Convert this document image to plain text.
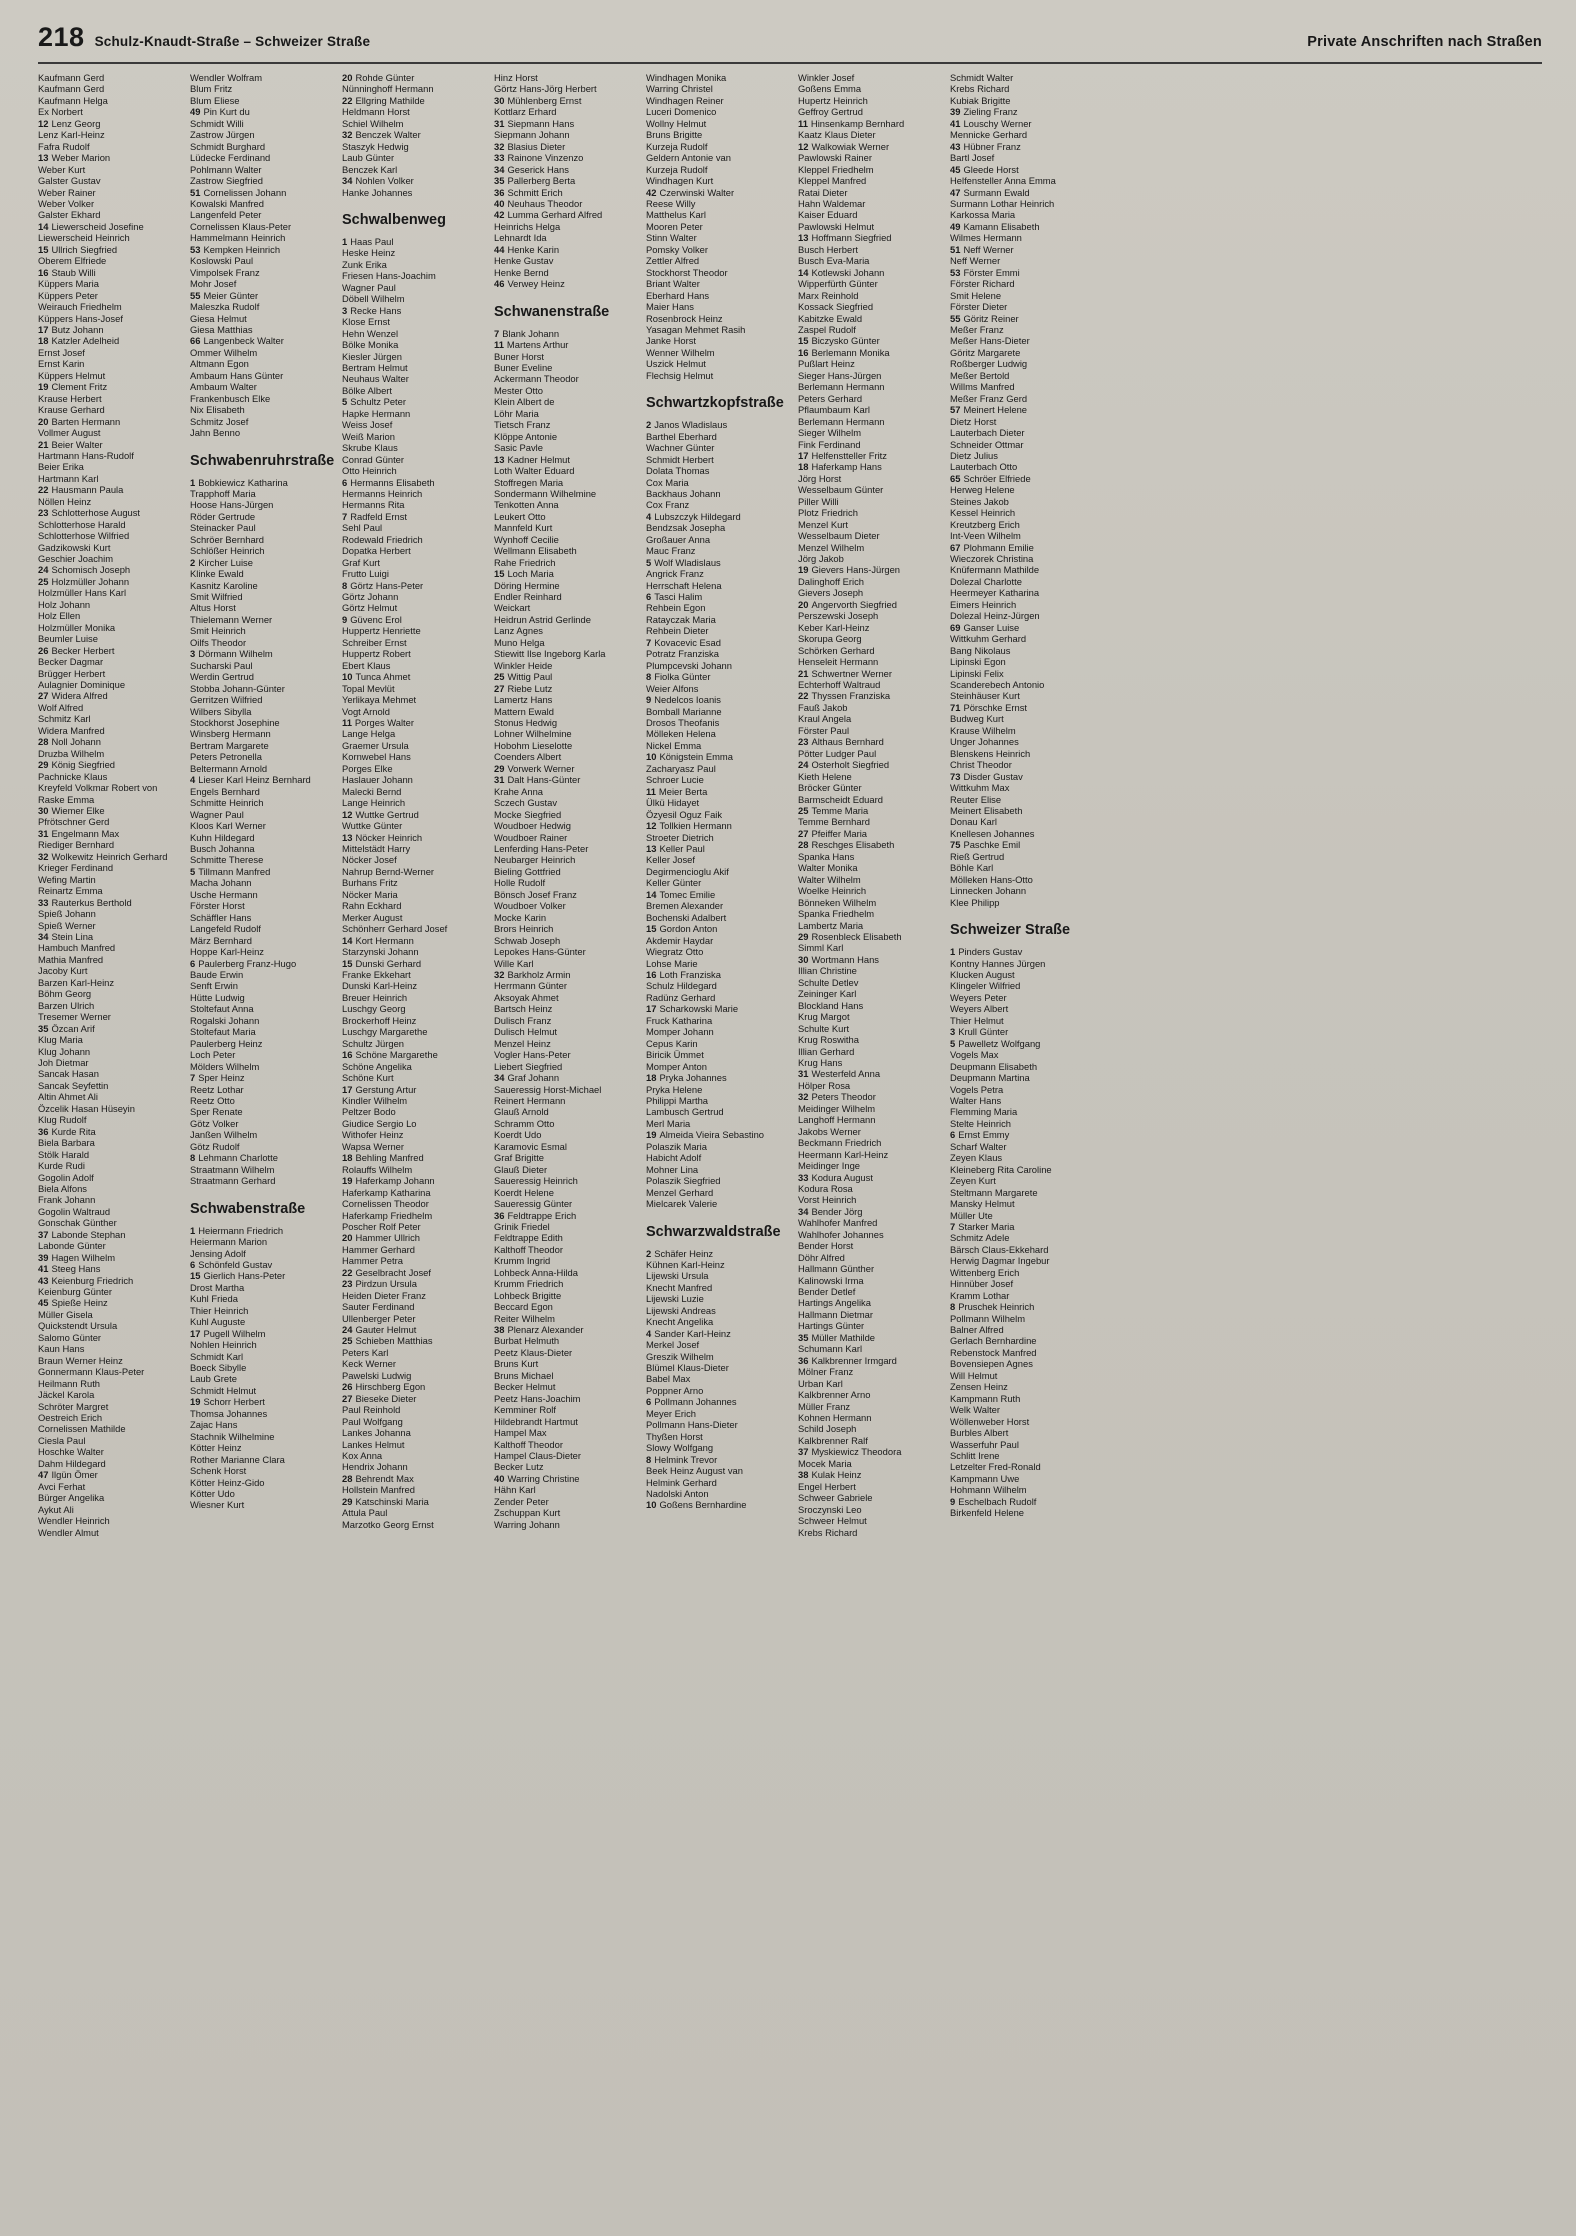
218 Schulz-Knaudt-Straße – Schweizer Straße	Private Anschriften nach Straßen
Kaufmann Gerd
Kaufmann Gerd
Kaufmann Helga
Ex Norbert
12 Lenz Georg
Lenz Karl-Heinz
Fafra Rudolf
13 Weber Marion
Weber Kurt
Galster Gustav
Weber Rainer
Weber Volker
Galster Ekhard
14 Liewerscheid Josefine
Liewerscheid Heinrich
15 Ullrich Siegfried
Oberem Elfriede
16 Staub Willi
Küppers Maria
Küppers Peter
Weirauch Friedhelm
Küppers Hans-Josef
17 Butz Johann
18 Katzler Adelheid
Ernst Josef
Ernst Karin
Küppers Helmut
19 Clement Fritz
Krause Herbert
Krause Gerhard
20 Barten Hermann
Vollmer August
21 Beier Walter
Hartmann Hans-Rudolf
Beier Erika
Hartmann Karl
22 Hausmann Paula
Nöllen Heinz
23 Schlotterhose August
Schlotterhose Harald
Schlotterhose Wilfried
Gadzikowski Kurt
Geschier Joachim
24 Schomisch Joseph
25 Holzmüller Johann
Holzmüller Hans Karl
Holz Johann
Holz Ellen
Holzmüller Monika
Beumler Luise
26 Becker Herbert
Becker Dagmar
Brügger Herbert
Aulagnier Dominique
27 Widera Alfred
Wolf Alfred
Schmitz Karl
Widera Manfred
28 Noll Johann
Druzba Wilhelm
29 König Siegfried
Pachnicke Klaus
Kreyfeld Volkmar Robert von
Raske Emma
30 Wiemer Elke
Pfrötschner Gerd
31 Engelmann Max
Riediger Bernhard
32 Wolkewitz Heinrich Gerhard
Krieger Ferdinand
Wefing Martin
Reinartz Emma
33 Rauterkus Berthold
Spieß Johann
Spieß Werner
34 Stein Lina
Hambuch Manfred
Mathia Manfred
Jacoby Kurt
Barzen Karl-Heinz
Böhm Georg
Barzen Ulrich
Tresemer Werner
35 Özcan Arif
Klug Maria
Klug Johann
Joh Dietmar
Sancak Hasan
Sancak Seyfettin
Altin Ahmet Ali
Özcelik Hasan Hüseyin
Klug Rudolf
36 Kurde Rita
Biela Barbara
Stölk Harald
Kurde Rudi
Gogolin Adolf
Biela Alfons
Frank Johann
Gogolin Waltraud
Gonschak Günther
37 Labonde Stephan
Labonde Günter
39 Hagen Wilhelm
41 Steeg Hans
43 Keienburg Friedrich
Keienburg Günter
45 Spieße Heinz
Müller Gisela
Quickstendt Ursula
Salomo Günter
Kaun Hans
Braun Werner Heinz
Gonnermann Klaus-Peter
Heilmann Ruth
Jäckel Karola
Schröter Margret
Oestreich Erich
Cornelissen Mathilde
Ciesla Paul
Hoschke Walter
Dahm Hildegard
47 Ilgün Ömer
Avci Ferhat
Bürger Angelika
Aykut Ali
Wendler Heinrich
Wendler Almut
Wendler Wolfram
Blum Fritz
Blum Eliese
49 Pin Kurt du
Schmidt Willi
Zastrow Jürgen
Schmidt Burghard
Lüdecke Ferdinand
Pohlmann Walter
Zastrow Siegfried
51 Cornelissen Johann
Kowalski Manfred
Langenfeld Peter
Cornelissen Klaus-Peter
Hammelmann Heinrich
53 Kempken Heinrich
Koslowski Paul
Vimpolsek Franz
Mohr Josef
55 Meier Günter
Maleszka Rudolf
Giesa Helmut
Giesa Matthias
66 Langenbeck Walter
Ommer Wilhelm
Altmann Egon
Ambaum Hans Günter
Ambaum Walter
Frankenbusch Elke
Nix Elisabeth
Schmitz Josef
Jahn Benno
Schwabenruhrstraße
1 Bobkiewicz Katharina
Trapphoff Maria
Hoose Hans-Jürgen
Röder Gertrude
Steinacker Paul
Schröer Bernhard
Schlößer Heinrich
2 Kircher Luise
Klinke Ewald
Kasnitz Karoline
Smit Wilfried
Altus Horst
Thielemann Werner
Smit Heinrich
Oilfs Theodor
3 Dörmann Wilhelm
Sucharski Paul
Werdin Gertrud
Stobba Johann-Günter
Gerritzen Wilfried
Wilbers Sibylla
Stockhorst Josephine
Winsberg Hermann
Bertram Margarete
Peters Petronella
Beltermann Arnold
4 Lieser Karl Heinz Bernhard
Engels Bernhard
Schmitte Heinrich
Wagner Paul
Kloos Karl Werner
Kuhn Hildegard
Busch Johanna
Schmitte Therese
5 Tillmann Manfred
Macha Johann
Usche Hermann
Förster Horst
Schäffler Hans
Langefeld Rudolf
März Bernhard
Hoppe Karl-Heinz
6 Paulerberg Franz-Hugo
Baude Erwin
Senft Erwin
Hütte Ludwig
Stoltefaut Anna
Rogalski Johann
Stoltefaut Maria
Paulerberg Heinz
Loch Peter
Mölders Wilhelm
7 Sper Heinz
Reetz Lothar
Reetz Otto
Sper Renate
Götz Volker
Janßen Wilhelm
Götz Rudolf
8 Lehmann Charlotte
Straatmann Wilhelm
Straatmann Gerhard
Schwabenstraße
1 Heiermann Friedrich
Heiermann Marion
Jensing Adolf
6 Schönfeld Gustav
15 Gierlich Hans-Peter
Drost Martha
Kuhl Frieda
Thier Heinrich
Kuhl Auguste
17 Pugell Wilhelm
Nohlen Heinrich
Schmidt Karl
Boeck Sibylle
Laub Grete
Schmidt Helmut
19 Schorr Herbert
Thomsa Johannes
Zajac Hans
Stachnik Wilhelmine
Kötter Heinz
Rother Marianne Clara
Schenk Horst
Kötter Heinz-Gido
Kötter Udo
Wiesner Kurt
20 Rohde Günter
Nünninghoff Hermann
22 Ellgring Mathilde
Heldmann Horst
Schiel Wilhelm
32 Benczek Walter
Staszyk Hedwig
Laub Günter
Benczek Karl
34 Nohlen Volker
Hanke Johannes
Schwalbenweg
1 Haas Paul
Heske Heinz
Zunk Erika
Friesen Hans-Joachim
Wagner Paul
Döbell Wilhelm
3 Recke Hans
Klose Ernst
Hehn Wenzel
Bölke Monika
Kiesler Jürgen
Bertram Helmut
Neuhaus Walter
Bölke Albert
5 Schultz Peter
Hapke Hermann
Weiss Josef
Weiß Marion
Skrube Klaus
Conrad Günter
Otto Heinrich
6 Hermanns Elisabeth
Hermanns Heinrich
Hermanns Rita
7 Radfeld Ernst
Sehl Paul
Rodewald Friedrich
Dopatka Herbert
Graf Kurt
Frutto Luigi
8 Görtz Hans-Peter
Görtz Johann
Görtz Helmut
9 Güvenc Erol
Huppertz Henriette
Schreiber Ernst
Huppertz Robert
Ebert Klaus
10 Tunca Ahmet
Topal Mevlüt
Yerlikaya Mehmet
Vogt Arnold
11 Porges Walter
Lange Helga
Graemer Ursula
Kornwebel Hans
Porges Elke
Haslauer Johann
Malecki Bernd
Lange Heinrich
12 Wuttke Gertrud
Wuttke Günter
13 Nöcker Heinrich
Mittelstädt Harry
Nöcker Josef
Nahrup Bernd-Werner
Burhans Fritz
Nöcker Maria
Rahn Eckhard
Merker August
Schönherr Gerhard Josef
14 Kort Hermann
Starzynski Johann
15 Dunski Gerhard
Franke Ekkehart
Dunski Karl-Heinz
Breuer Heinrich
Luschgy Georg
Brockerhoff Heinz
Luschgy Margarethe
Schultz Jürgen
16 Schöne Margarethe
Schöne Angelika
Schöne Kurt
17 Gerstung Artur
Kindler Wilhelm
Peltzer Bodo
Giudice Sergio Lo
Withofer Heinz
Wapsa Werner
18 Behling Manfred
Rolauffs Wilhelm
19 Haferkamp Johann
Haferkamp Katharina
Cornelissen Theodor
Haferkamp Friedhelm
Poscher Rolf Peter
20 Hammer Ullrich
Hammer Gerhard
Hammer Petra
22 Geselbracht Josef
23 Pirdzun Ursula
Heiden Dieter Franz
Sauter Ferdinand
Ullenberger Peter
24 Gauter Helmut
25 Schieben Matthias
Peters Karl
Keck Werner
Pawelski Ludwig
26 Hirschberg Egon
27 Bieseke Dieter
Paul Reinhold
Paul Wolfgang
Lankes Johanna
Lankes Helmut
Kox Anna
Hendrix Johann
28 Behrendt Max
Hollstein Manfred
29 Katschinski Maria
Attula Paul
Marzotko Georg Ernst
Hinz Horst
Görtz Hans-Jörg Herbert
30 Mühlenberg Ernst
Kottlarz Erhard
31 Siepmann Hans
Siepmann Johann
32 Blasius Dieter
33 Rainone Vinzenzo
34 Geserick Hans
35 Pallerberg Berta
36 Schmitt Erich
40 Neuhaus Theodor
42 Lumma Gerhard Alfred
Heinrichs Helga
Lehnardt Ida
44 Henke Karin
Henke Gustav
Henke Bernd
46 Verwey Heinz
Schwanenstraße
7 Blank Johann
11 Martens Arthur
Buner Horst
Buner Eveline
Ackermann Theodor
Mester Otto
Klein Albert de
Löhr Maria
Tietsch Franz
Klöppe Antonie
Sasic Pavle
13 Kadner Helmut
Loth Walter Eduard
Stoffregen Maria
Sondermann Wilhelmine
Tenkotten Anna
Leukert Otto
Mannfeld Kurt
Wynhoff Cecilie
Wellmann Elisabeth
Rahe Friedrich
15 Loch Maria
Döring Hermine
Endler Reinhard
Weickart
Heidrun Astrid Gerlinde
Lanz Agnes
Muno Helga
Stiewitt Ilse Ingeborg Karla
Winkler Heide
25 Wittig Paul
27 Riebe Lutz
Lamertz Hans
Mattern Ewald
Stonus Hedwig
Lohner Wilhelmine
Hobohm Lieselotte
Coenders Albert
29 Vorwerk Werner
31 Dalt Hans-Günter
Krahe Anna
Sczech Gustav
Mocke Siegfried
Woudboer Hedwig
Woudboer Rainer
Lenferding Hans-Peter
Neubarger Heinrich
Bieling Gottfried
Holle Rudolf
Bönsch Josef Franz
Woudboer Volker
Mocke Karin
Brors Heinrich
Schwab Joseph
Lepokes Hans-Günter
Wille Karl
32 Barkholz Armin
Herrmann Günter
Aksoyak Ahmet
Bartsch Heinz
Dulisch Franz
Dulisch Helmut
Menzel Heinz
Vogler Hans-Peter
Liebert Siegfried
34 Graf Johann
Saueressig Horst-Michael
Reinert Hermann
Glauß Arnold
Schramm Otto
Koerdt Udo
Karamovic Esmal
Graf Brigitte
Glauß Dieter
Saueressig Heinrich
Koerdt Helene
Saueressig Günter
36 Feldtrappe Erich
Grinik Friedel
Feldtrappe Edith
Kalthoff Theodor
Krumm Ingrid
Lohbeck Anna-Hilda
Krumm Friedrich
Lohbeck Brigitte
Beccard Egon
Reiter Wilhelm
38 Plenarz Alexander
Burbat Helmuth
Peetz Klaus-Dieter
Bruns Kurt
Bruns Michael
Becker Helmut
Peetz Hans-Joachim
Kemminer Rolf
Hildebrandt Hartmut
Hampel Max
Kalthoff Theodor
Hampel Claus-Dieter
Becker Lutz
40 Warring Christine
Hähn Karl
Zender Peter
Zschuppan Kurt
Warring Johann
Windhagen Monika
Warring Christel
Windhagen Reiner
Luceri Domenico
Wollny Helmut
Bruns Brigitte
Kurzeja Rudolf
Geldern Antonie van
Kurzeja Rudolf
Windhagen Kurt
42 Czerwinski Walter
Reese Willy
Matthelus Karl
Mooren Peter
Stinn Walter
Pomsky Volker
Zettler Alfred
Stockhorst Theodor
Briant Walter
Eberhard Hans
Maier Hans
Rosenbrock Heinz
Yasagan Mehmet Rasih
Janke Horst
Wenner Wilhelm
Uszick Helmut
Flechsig Helmut
Schwartzkopfstraße
2 Janos Wladislaus
Barthel Eberhard
Wachner Günter
Schmidt Herbert
Dolata Thomas
Cox Maria
Backhaus Johann
Cox Franz
4 Lubszczyk Hildegard
Bendzsak Josepha
Großauer Anna
Mauc Franz
5 Wolf Wladislaus
Angrick Franz
Herrschaft Helena
6 Tasci Halim
Rehbein Egon
Ratayczak Maria
Rehbein Dieter
7 Kovacevic Esad
Potratz Franziska
Plumpcevski Johann
8 Fiolka Günter
Weier Alfons
9 Nedelcos Ioanis
Bomball Marianne
Drosos Theofanis
Mölleken Helena
Nickel Emma
10 Königstein Emma
Zacharyasz Paul
Schroer Lucie
11 Meier Berta
Ülkü Hidayet
Özyesil Oguz Faik
12 Tollkien Hermann
Stroeter Dietrich
13 Keller Paul
Keller Josef
Degirmencioglu Akif
Keller Günter
14 Tomec Emilie
Bremen Alexander
Bochenski Adalbert
15 Gordon Anton
Akdemir Haydar
Wiegratz Otto
Lohse Marie
16 Loth Franziska
Schulz Hildegard
Radünz Gerhard
17 Scharkowski Marie
Fruck Katharina
Momper Johann
Cepus Karin
Biricik Ümmet
Momper Anton
18 Pryka Johannes
Pryka Helene
Philippi Martha
Lambusch Gertrud
Merl Maria
19 Almeida Vieira Sebastino
Polaszik Maria
Habicht Adolf
Mohner Lina
Polaszik Siegfried
Menzel Gerhard
Mielcarek Valerie
Schwarzwaldstraße
2 Schäfer Heinz
Kühnen Karl-Heinz
Lijewski Ursula
Knecht Manfred
Lijewski Luzie
Lijewski Andreas
Knecht Angelika
4 Sander Karl-Heinz
Merkel Josef
Greszik Wilhelm
Blümel Klaus-Dieter
Babel Max
Poppner Arno
6 Pollmann Johannes
Meyer Erich
Pollmann Hans-Dieter
Thyßen Horst
Slowy Wolfgang
8 Helmink Trevor
Beek Heinz August van
Helmink Gerhard
Nadolski Anton
10 Goßens Bernhardine
Winkler Josef
Goßens Emma
Hupertz Heinrich
Geffroy Gertrud
11 Hinsenkamp Bernhard
Kaatz Klaus Dieter
12 Walkowiak Werner
Pawlowski Rainer
Kleppel Friedhelm
Kleppel Manfred
Ratai Dieter
Hahn Waldemar
Kaiser Eduard
Pawlowski Helmut
13 Hoffmann Siegfried
Busch Herbert
Busch Eva-Maria
14 Kotlewski Johann
Wipperfürth Günter
Marx Reinhold
Kossack Siegfried
Kabitzke Ewald
Zaspel Rudolf
15 Biczysko Günter
16 Berlemann Monika
Pußlart Heinz
Sieger Hans-Jürgen
Berlemann Hermann
Peters Gerhard
Pflaumbaum Karl
Berlemann Hermann
Sieger Wilhelm
Fink Ferdinand
17 Helfenstteller Fritz
18 Haferkamp Hans
Jörg Horst
Wesselbaum Günter
Piller Willi
Plotz Friedrich
Menzel Kurt
Wesselbaum Dieter
Menzel Wilhelm
Jörg Jakob
19 Gievers Hans-Jürgen
Dalinghoff Erich
Gievers Joseph
20 Angervorth Siegfried
Perszewski Joseph
Keber Karl-Heinz
Skorupa Georg
Schörken Gerhard
Henseleit Hermann
21 Schwertner Werner
Echterhoff Waltraud
22 Thyssen Franziska
Fauß Jakob
Kraul Angela
Förster Paul
23 Althaus Bernhard
Pötter Ludger Paul
24 Osterholt Siegfried
Kieth Helene
Bröcker Günter
Barmscheidt Eduard
25 Temme Maria
Temme Bernhard
27 Pfeiffer Maria
28 Reschges Elisabeth
Spanka Hans
Walter Monika
Walter Wilhelm
Woelke Heinrich
Bönneken Wilhelm
Spanka Friedhelm
Lambertz Maria
29 Rosenbleck Elisabeth
Simml Karl
30 Wortmann Hans
Illian Christine
Schulte Detlev
Zeininger Karl
Blockland Hans
Krug Margot
Schulte Kurt
Krug Roswitha
Illian Gerhard
Krug Hans
31 Westerfeld Anna
Hölper Rosa
32 Peters Theodor
Meidinger Wilhelm
Langhoff Hermann
Jakobs Werner
Beckmann Friedrich
Heermann Karl-Heinz
Meidinger Inge
33 Kodura August
Kodura Rosa
Vorst Heinrich
34 Bender Jörg
Wahlhofer Manfred
Wahlhofer Johannes
Bender Horst
Döhr Alfred
Hallmann Günther
Kalinowski Irma
Bender Detlef
Hartings Angelika
Hallmann Dietmar
Hartings Günter
35 Müller Mathilde
Schumann Karl
36 Kalkbrenner Irmgard
Mölner Franz
Urban Karl
Kalkbrenner Arno
Müller Franz
Kohnen Hermann
Schild Joseph
Kalkbrenner Ralf
37 Myskiewicz Theodora
Mocek Maria
38 Kulak Heinz
Engel Herbert
Schweer Gabriele
Sroczynski Leo
Schweer Helmut
Krebs Richard
Schmidt Walter
Krebs Richard
Kubiak Brigitte
39 Zieling Franz
41 Louschy Werner
Mennicke Gerhard
43 Hübner Franz
Bartl Josef
45 Gleede Horst
Helfensteller Anna Emma
47 Surmann Ewald
Surmann Lothar Heinrich
Karkossa Maria
49 Kamann Elisabeth
Wilmes Hermann
51 Neff Werner
Neff Werner
53 Förster Emmi
Förster Richard
Smit Helene
Förster Dieter
55 Göritz Reiner
Meßer Franz
Meßer Hans-Dieter
Göritz Margarete
Roßberger Ludwig
Meßer Bertold
Willms Manfred
Meßer Franz Gerd
57 Meinert Helene
Dietz Horst
Lauterbach Dieter
Schneider Ottmar
Dietz Julius
Lauterbach Otto
65 Schröer Elfriede
Herweg Helene
Steines Jakob
Kessel Heinrich
Kreutzberg Erich
Int-Veen Wilhelm
67 Plohmann Emilie
Wieczorek Christina
Knüfermann Mathilde
Dolezal Charlotte
Heermeyer Katharina
Eimers Heinrich
Dolezal Heinz-Jürgen
69 Ganser Luise
Wittkuhm Gerhard
Bang Nikolaus
Lipinski Egon
Lipinski Felix
Scanderebech Antonio
Steinhäuser Kurt
71 Pörschke Ernst
Budweg Kurt
Krause Wilhelm
Unger Johannes
Blenskens Heinrich
Christ Theodor
73 Disder Gustav
Wittkuhm Max
Reuter Elise
Meinert Elisabeth
Donau Karl
Knellesen Johannes
75 Paschke Emil
Rieß Gertrud
Böhle Karl
Mölleken Hans-Otto
Linnecken Johann
Klee Philipp
Schweizer Straße
1 Pinders Gustav
Kontny Hannes Jürgen
Klucken August
Klingeler Wilfried
Weyers Peter
Weyers Albert
Thier Helmut
3 Krull Günter
5 Pawelletz Wolfgang
Vogels Max
Deupmann Elisabeth
Deupmann Martina
Vogels Petra
Walter Hans
Flemming Maria
Stelte Heinrich
6 Ernst Emmy
Scharf Walter
Zeyen Klaus
Kleineberg Rita Caroline
Zeyen Kurt
Steltmann Margarete
Mansky Helmut
Müller Ute
7 Starker Maria
Schmitz Adele
Bärsch Claus-Ekkehard
Herwig Dagmar Ingebur
Wittenberg Erich
Hinnüber Josef
Kramm Lothar
8 Pruschek Heinrich
Pollmann Wilhelm
Balner Alfred
Gerlach Bernhardine
Rebenstock Manfred
Bovensiepen Agnes
Will Helmut
Zensen Heinz
Kampmann Ruth
Welk Walter
Wöllenweber Horst
Burbles Albert
Wasserfuhr Paul
Schlitt Irene
Letzelter Fred-Ronald
Kampmann Uwe
Hohmann Wilhelm
9 Eschelbach Rudolf
Birkenfeld Helene
